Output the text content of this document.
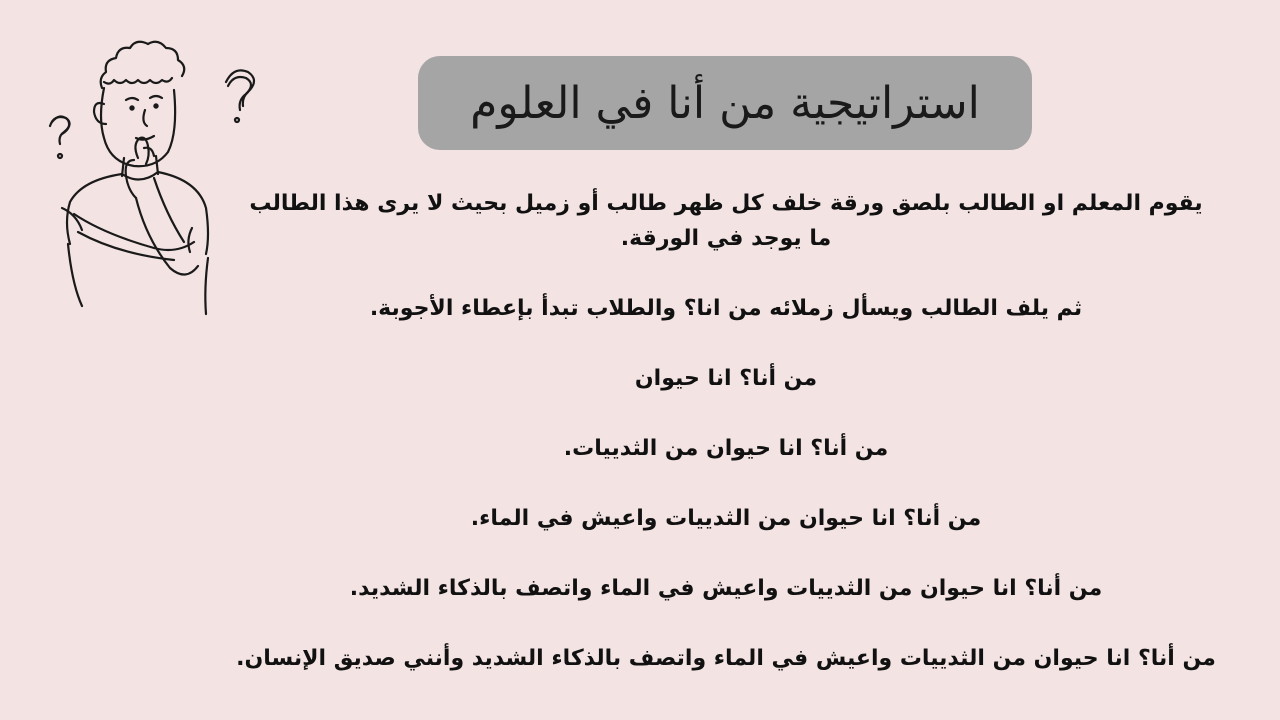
استراتيجية من أنا في العلوم

يقوم المعلم او الطالب بلصق ورقة خلف كل ظهر طالب أو زميل بحيث لا يرى هذا الطالب ما يوجد في الورقة.

ثم يلف الطالب ويسأل زملائه من انا؟ والطلاب تبدأ بإعطاء الأجوبة.

من أنا؟ انا حيوان

من أنا؟ انا حيوان من الثدييات.

من أنا؟ انا حيوان من الثدييات واعيش في الماء.

من أنا؟ انا حيوان من الثدييات واعيش في الماء واتصف بالذكاء الشديد.

من أنا؟ انا حيوان من الثدييات واعيش في الماء واتصف بالذكاء الشديد وأنني صديق الإنسان.
